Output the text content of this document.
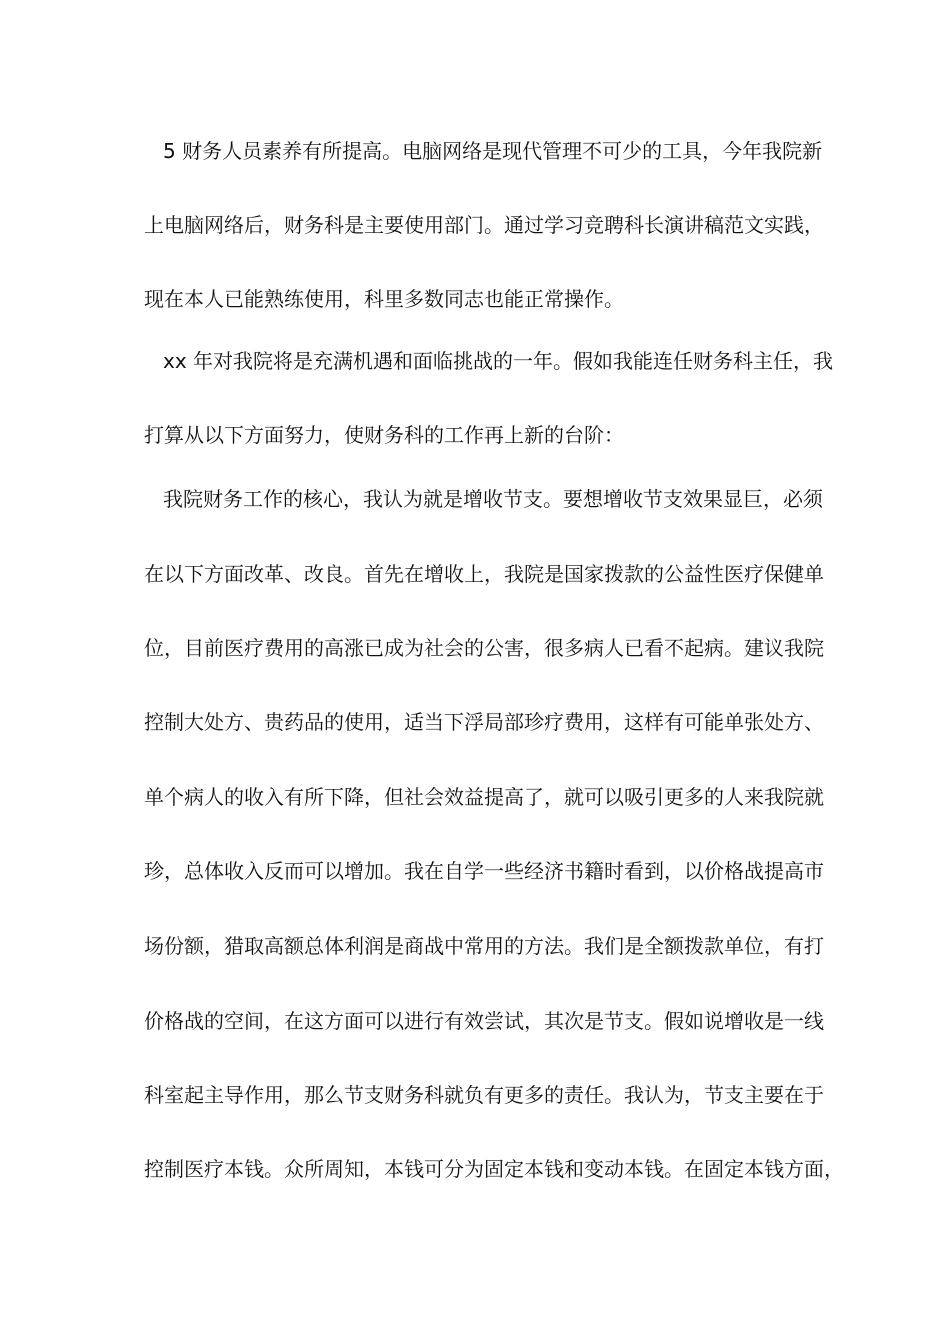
5 财务人员素养有所提高。电脑网络是现代管理不可少的工具，今年我院新
上电脑网络后，财务科是主要使用部门。通过学习竞聘科长演讲稿范文实践，
现在本人已能熟练使用，科里多数同志也能正常操作。
xx 年对我院将是充满机遇和面临挑战的一年。假如我能连任财务科主任，我
打算从以下方面努力，使财务科的工作再上新的台阶：
我院财务工作的核心，我认为就是增收节支。要想增收节支效果显巨，必须
在以下方面改革、改良。首先在增收上，我院是国家拨款的公益性医疗保健单
位，目前医疗费用的高涨已成为社会的公害，很多病人已看不起病。建议我院
控制大处方、贵药品的使用，适当下浮局部珍疗费用，这样有可能单张处方、
单个病人的收入有所下降，但社会效益提高了，就可以吸引更多的人来我院就
珍，总体收入反而可以增加。我在自学一些经济书籍时看到，以价格战提高市
场份额，猎取高额总体利润是商战中常用的方法。我们是全额拨款单位，有打
价格战的空间，在这方面可以进行有效尝试，其次是节支。假如说增收是一线
科室起主导作用，那么节支财务科就负有更多的责任。我认为，节支主要在于
控制医疗本钱。众所周知，本钱可分为固定本钱和变动本钱。在固定本钱方面，
